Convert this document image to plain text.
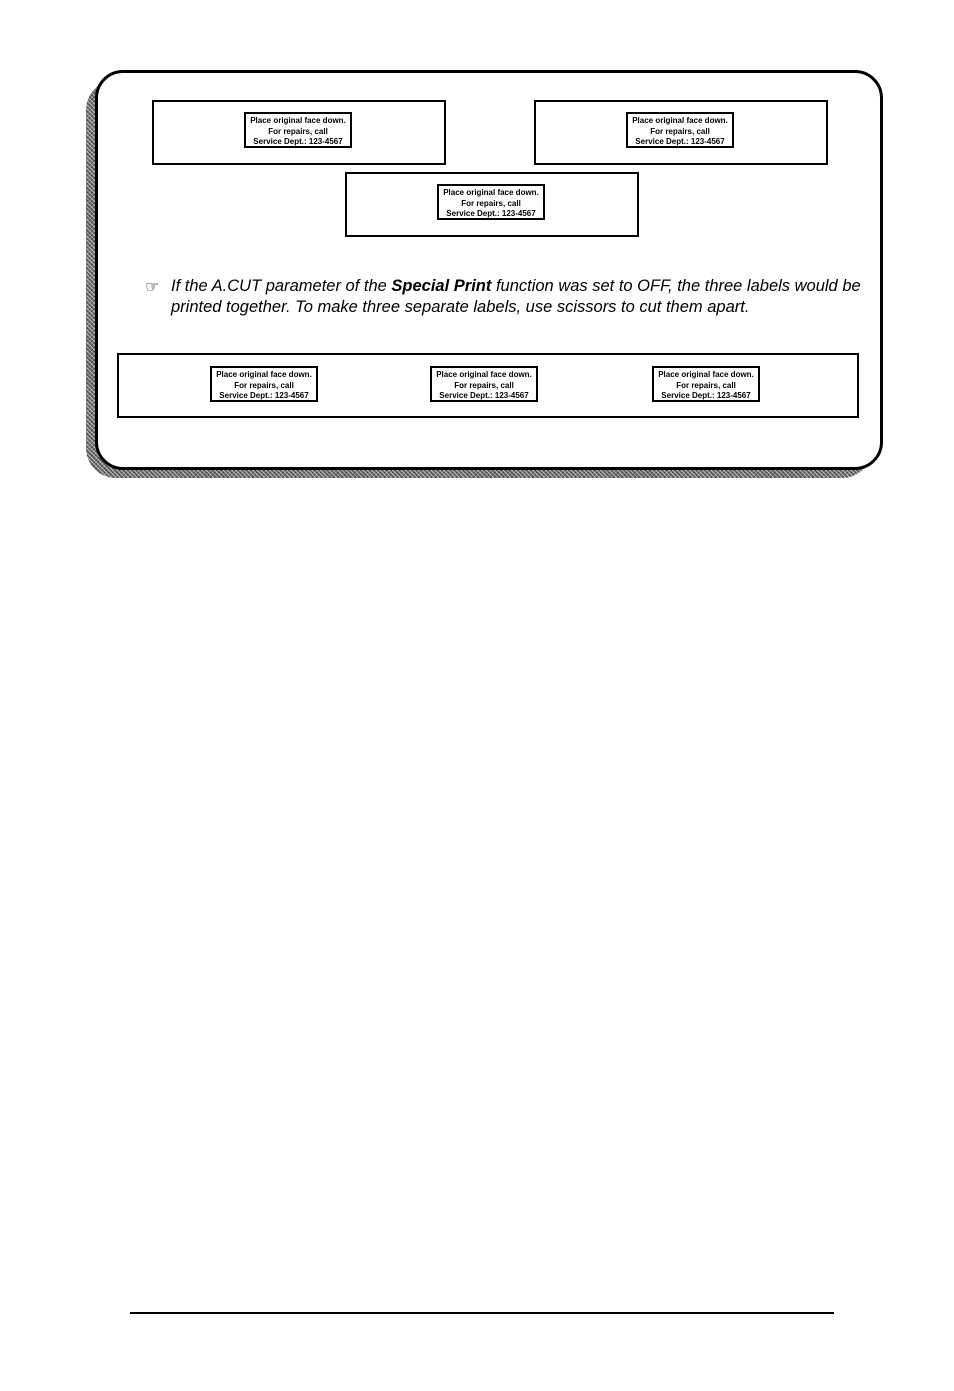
Place original face down.
For repairs, call
Service Dept.: 123-4567
Place original face down.
For repairs, call
Service Dept.: 123-4567
Place original face down.
For repairs, call
Service Dept.: 123-4567
☞ If the A.CUT parameter of the Special Print function was set to OFF, the three labels would be printed together. To make three separate labels, use scissors to cut them apart.
Place original face down.
For repairs, call
Service Dept.: 123-4567
Place original face down.
For repairs, call
Service Dept.: 123-4567
Place original face down.
For repairs, call
Service Dept.: 123-4567
